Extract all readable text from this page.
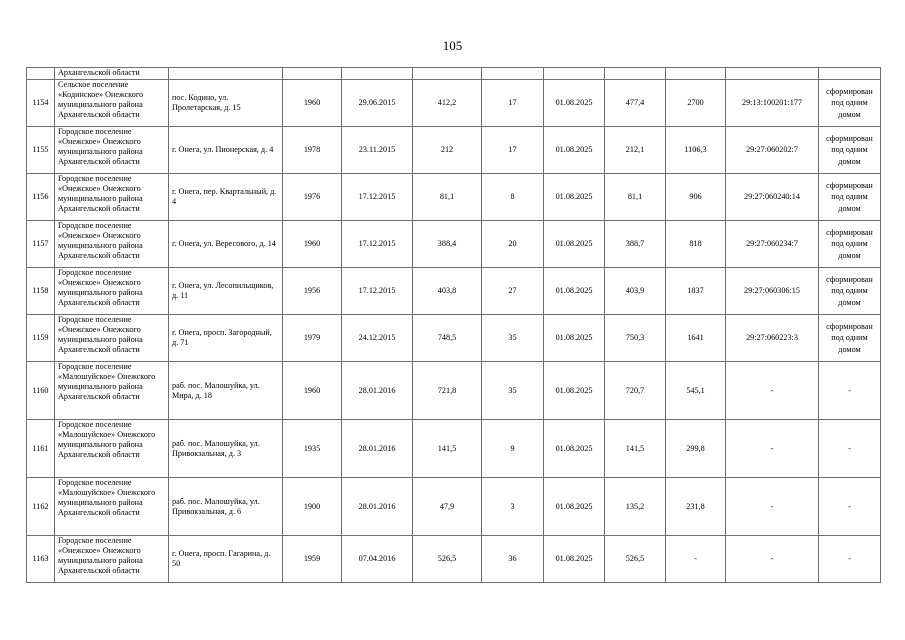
105
	Архангельской области										
1154	Сельское поселение «Кодинское» Онежского муниципального района Архангельской области	пос. Кодино, ул. Пролетарская, д. 15	1960	29.06.2015	412,2	17	01.08.2025	477,4	2700	29:13:100201:177	сформирован под одним домом
1155	Городское поселение «Онежское» Онежского муниципального района Архангельской области	г. Онега, ул. Пионерская, д. 4	1978	23.11.2015	212	17	01.08.2025	212,1	1106,3	29:27:060202:7	сформирован под одним домом
1156	Городское поселение «Онежское» Онежского муниципального района Архангельской области	г. Онега, пер. Квартальный, д. 4	1976	17.12.2015	81,1	8	01.08.2025	81,1	906	29:27:060240:14	сформирован под одним домом
1157	Городское поселение «Онежское» Онежского муниципального района Архангельской области	г. Онега, ул. Вересового, д. 14	1960	17.12.2015	388,4	20	01.08.2025	388,7	818	29:27:060234:7	сформирован под одним домом
1158	Городское поселение «Онежское» Онежского муниципального района Архангельской области	г. Онега, ул. Лесопильщиков, д. 11	1956	17.12.2015	403,8	27	01.08.2025	403,9	1837	29:27:060306:15	сформирован под одним домом
1159	Городское поселение «Онежское» Онежского муниципального района Архангельской области	г. Онега, просп. Загородный, д. 71	1979	24.12.2015	748,5	35	01.08.2025	750,3	1641	29:27:060223:3	сформирован под одним домом
1160	Городское поселение «Малошуйское» Онежского муниципального района Архангельской области	раб. пос. Малошуйка, ул. Мира, д. 18	1960	28.01.2016	721,8	35	01.08.2025	720,7	545,1	-	-
1161	Городское поселение «Малошуйское» Онежского муниципального района Архангельской области	раб. пос. Малошуйка, ул. Привокзальная, д. 3	1935	28.01.2016	141,5	9	01.08.2025	141,5	299,8	-	-
1162	Городское поселение «Малошуйское» Онежского муниципального района Архангельской области	раб. пос. Малошуйка, ул. Привокзальная, д. 6	1900	28.01.2016	47,9	3	01.08.2025	135,2	231,8	-	-
1163	Городское поселение «Онежское» Онежского муниципального района Архангельской области	г. Онега, просп. Гагарина, д. 50	1959	07.04.2016	526,5	36	01.08.2025	526,5	-	-	-
